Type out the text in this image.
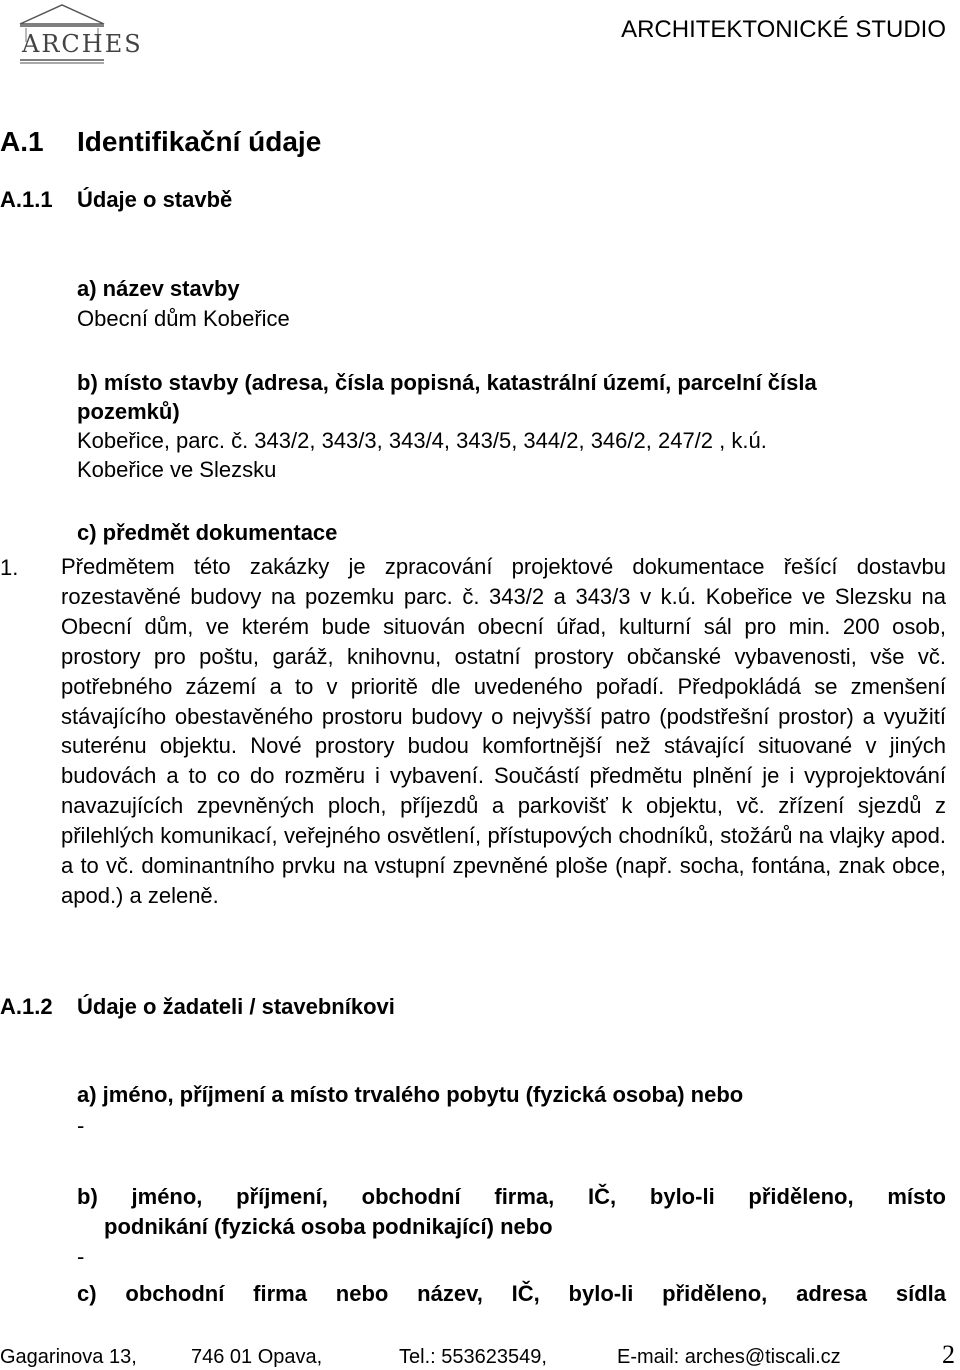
ARCHES
ARCHITEKTONICKÉ STUDIO
A.1 Identifikační údaje
A.1.1 Údaje o stavbě
a) název stavby
Obecní dům Kobeřice
b) místo stavby (adresa, čísla popisná, katastrální území, parcelní čísla
pozemků)
Kobeřice, parc. č. 343/2, 343/3, 343/4, 343/5, 344/2, 346/2, 247/2 , k.ú.
Kobeřice ve Slezsku
c) předmět dokumentace
1. Předmětem této zakázky je zpracování projektové dokumentace řešící dostavbu rozestavěné budovy na pozemku parc. č. 343/2 a 343/3 v k.ú. Kobeřice ve Slezsku na Obecní dům, ve kterém bude situován obecní úřad, kulturní sál pro min. 200 osob, prostory pro poštu, garáž, knihovnu, ostatní prostory občanské vybavenosti, vše vč. potřebného zázemí a to v prioritě dle uvedeného pořadí. Předpokládá se zmenšení stávajícího obestavěného prostoru budovy o nejvyšší patro (podstřešní prostor) a využití suterénu objektu. Nové prostory budou komfortnější než stávající situované v jiných budovách a to co do rozměru i vybavení. Součástí předmětu plnění je i vyprojektování navazujících zpevněných ploch, příjezdů a parkovišť k objektu, vč. zřízení sjezdů z přilehlých komunikací, veřejného osvětlení, přístupových chodníků, stožárů na vlajky apod. a to vč. dominantního prvku na vstupní zpevněné ploše (např. socha, fontána, znak obce, apod.) a zeleně.

A.1.2 Údaje o žadateli / stavebníkovi
a) jméno, příjmení a místo trvalého pobytu (fyzická osoba) nebo
-

b) jméno, příjmení, obchodní firma, IČ, bylo-li přiděleno, místo

podnikání (fyzická osoba podnikající) nebo
-

c) obchodní firma nebo název, IČ, bylo-li přiděleno, adresa sídla

Gagarinova 13,	746 01 Opava,	Tel.: 553623549,	E-mail: arches@tiscali.cz	2
